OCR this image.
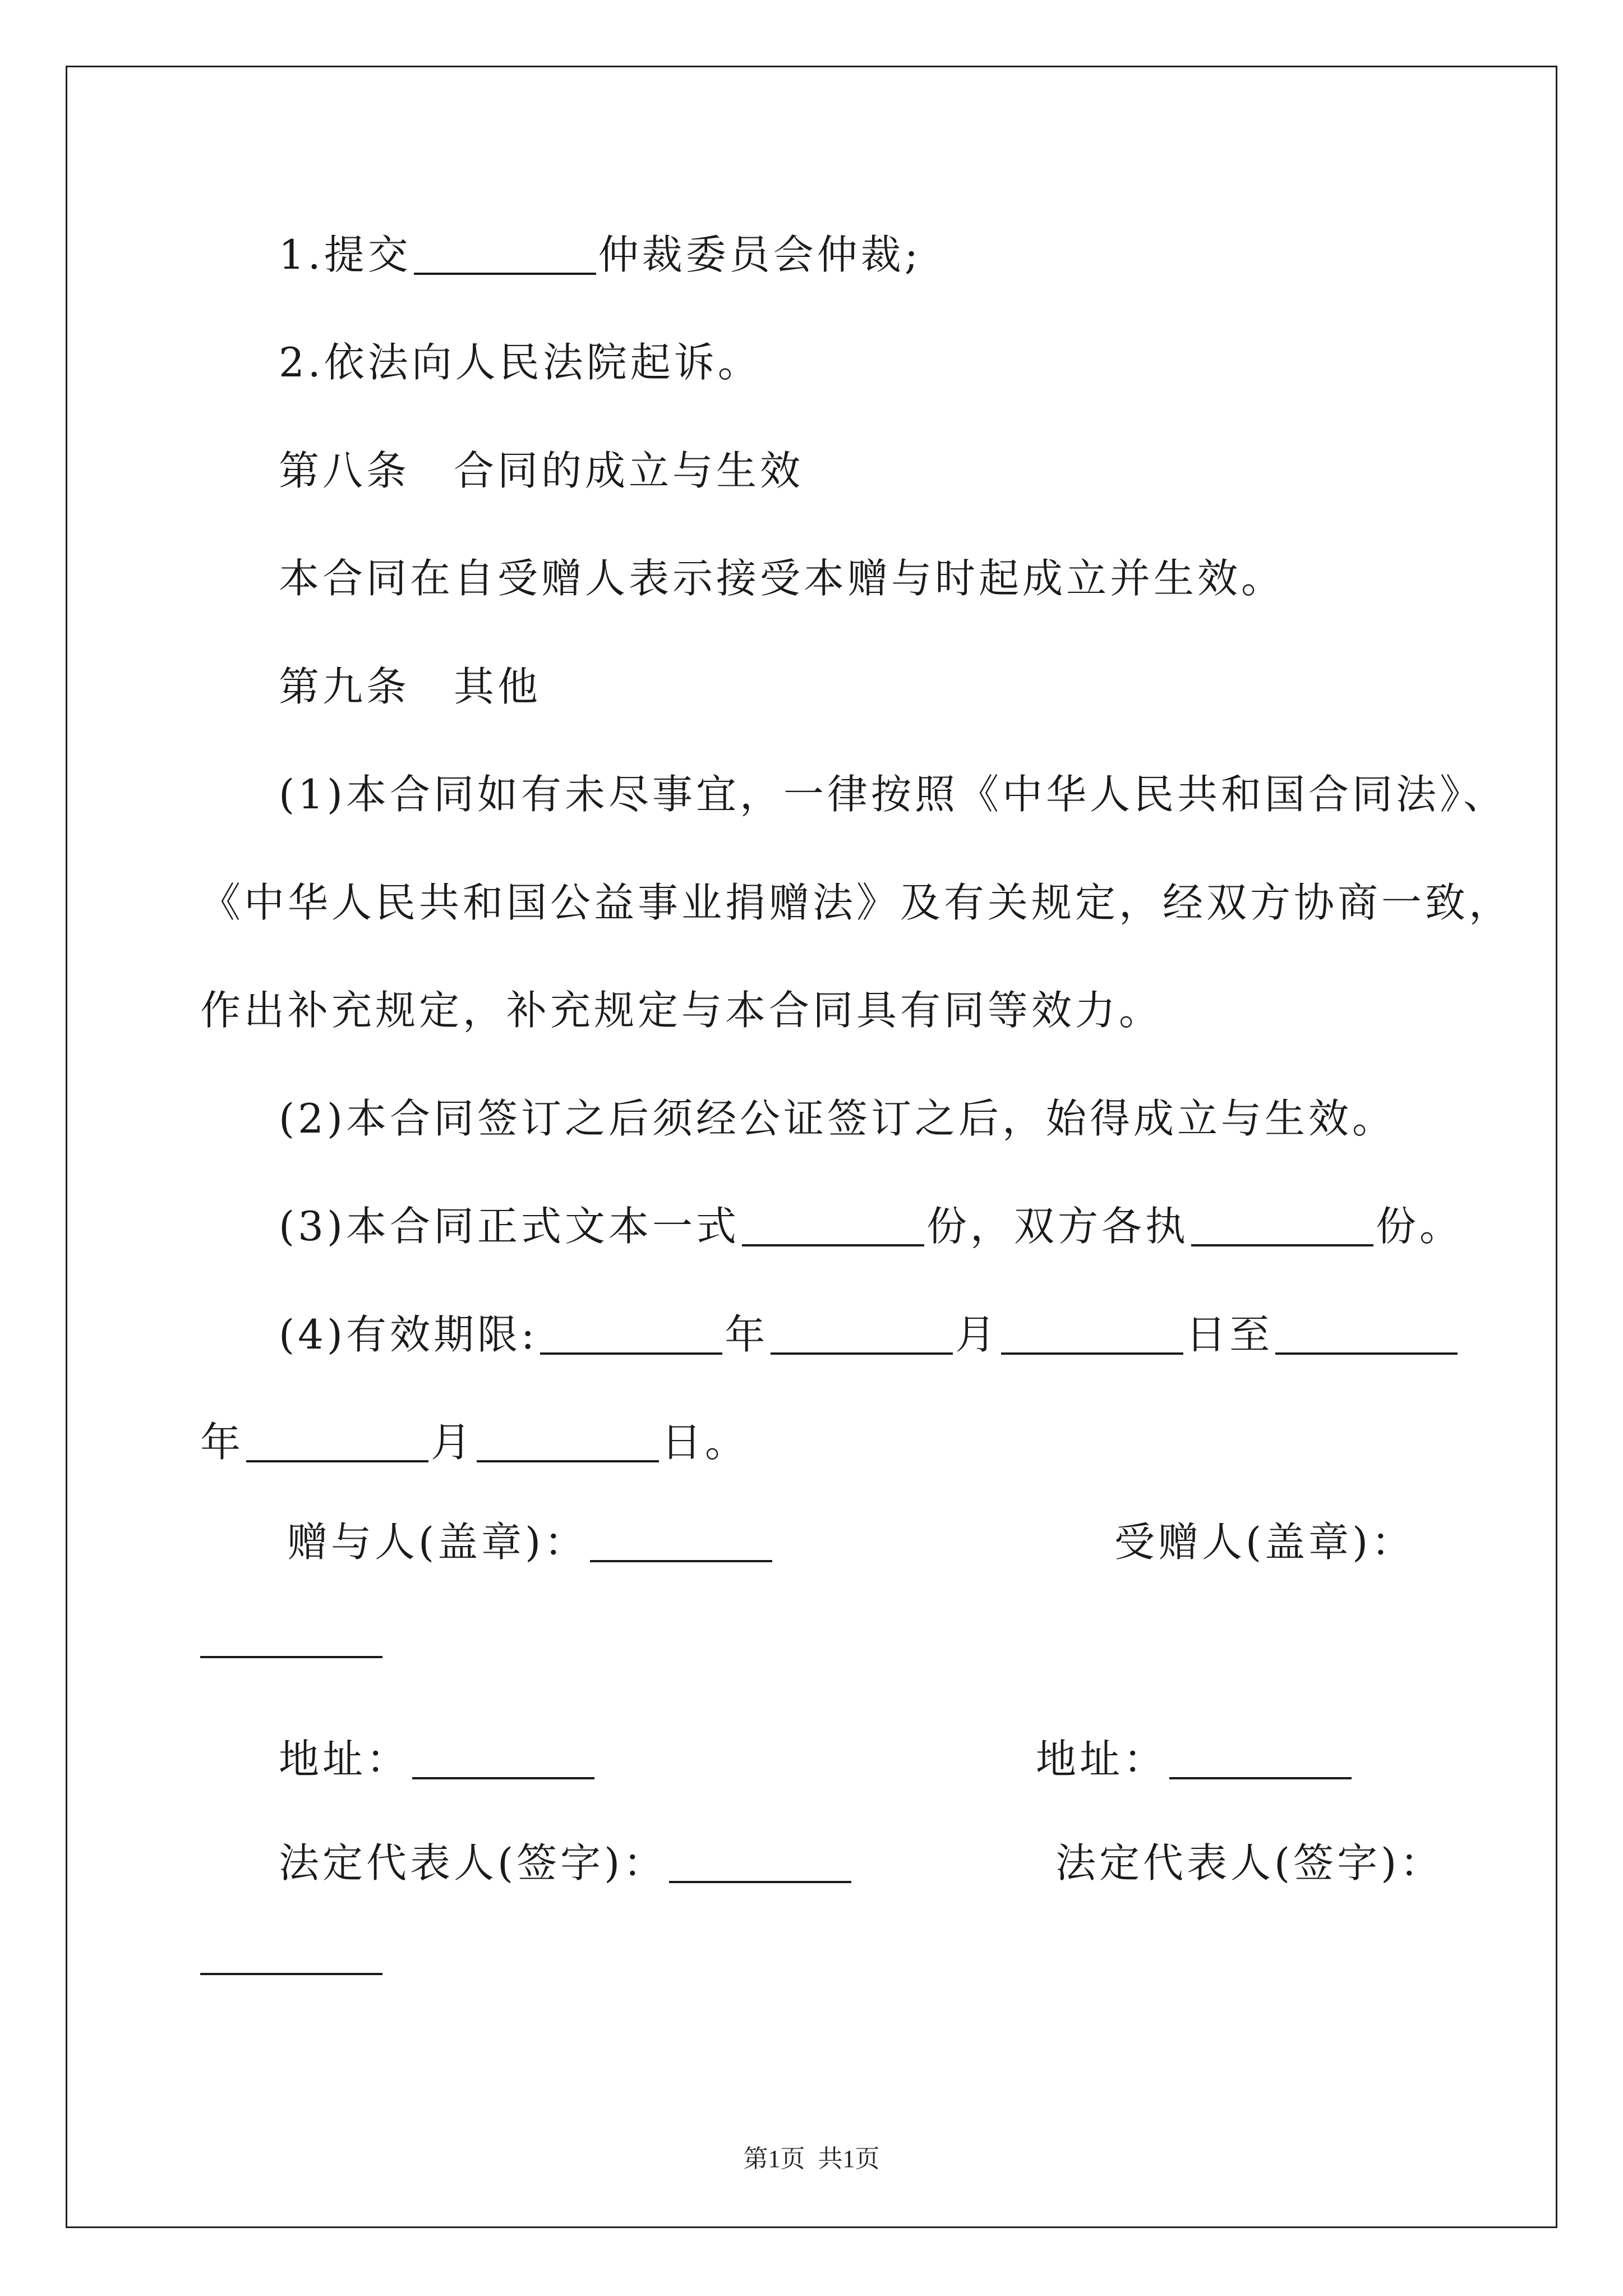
1.提交	仲裁委员会仲裁;
2.依法向人民法院起诉。
第八条　合同的成立与生效
本合同在自受赠人表示接受本赠与时起成立并生效。
第九条　其他
(1)本合同如有未尽事宜，一律按照《中华人民共和国合同法》、
《中华人民共和国公益事业捐赠法》及有关规定，经双方协商一致，
作出补充规定，补充规定与本合同具有同等效力。
(2)本合同签订之后须经公证签订之后，始得成立与生效。
(3)本合同正式文本一式	份，双方各执	份。
(4)有效期限:	年	月	日至
年	月	日。
赠与人(盖章)：	受赠人(盖章)：
地址：	地址：
法定代表人(签字)：	法定代表人(签字)：
第1页 共1页
